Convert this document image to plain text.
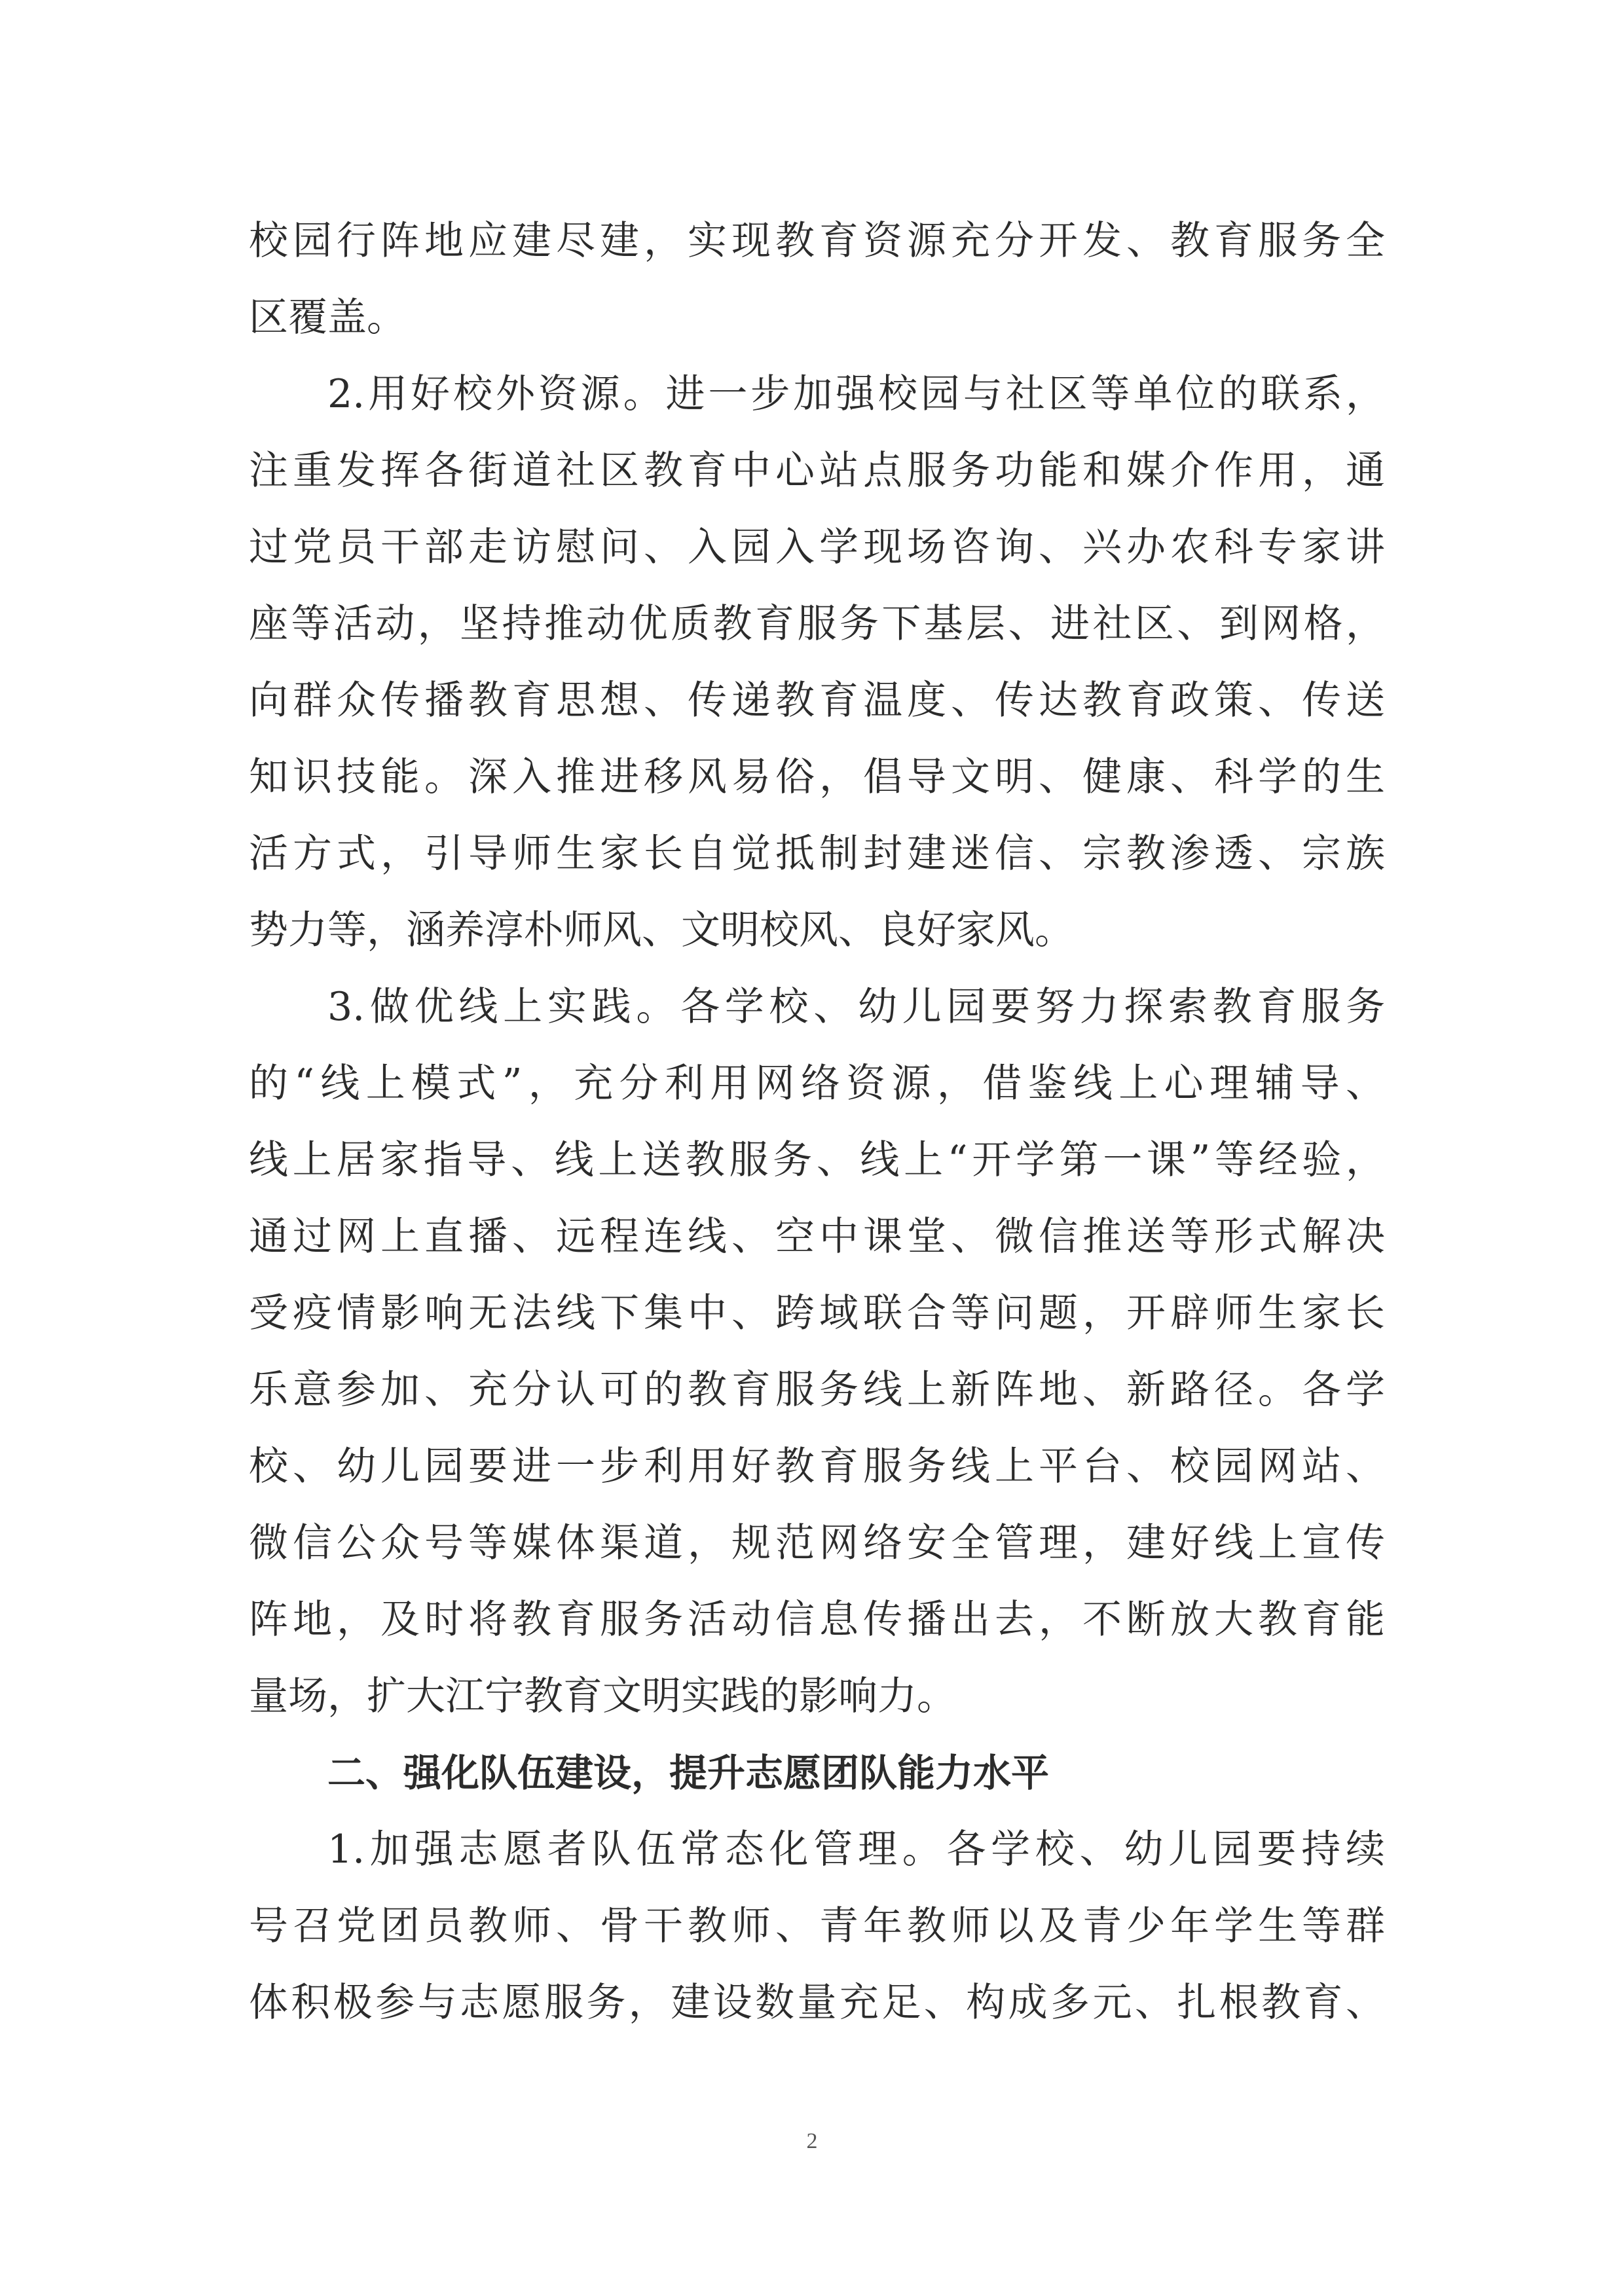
校园行阵地应建尽建，实现教育资源充分开发、教育服务全
区覆盖。
2.用好校外资源。进一步加强校园与社区等单位的联系，
注重发挥各街道社区教育中心站点服务功能和媒介作用，通
过党员干部走访慰问、入园入学现场咨询、兴办农科专家讲
座等活动，坚持推动优质教育服务下基层、进社区、到网格，
向群众传播教育思想、传递教育温度、传达教育政策、传送
知识技能。深入推进移风易俗，倡导文明、健康、科学的生
活方式，引导师生家长自觉抵制封建迷信、宗教渗透、宗族
势力等，涵养淳朴师风、文明校风、良好家风。
3.做优线上实践。各学校、幼儿园要努力探索教育服务
的“线上模式”，充分利用网络资源，借鉴线上心理辅导、
线上居家指导、线上送教服务、线上“开学第一课”等经验，
通过网上直播、远程连线、空中课堂、微信推送等形式解决
受疫情影响无法线下集中、跨域联合等问题，开辟师生家长
乐意参加、充分认可的教育服务线上新阵地、新路径。各学
校、幼儿园要进一步利用好教育服务线上平台、校园网站、
微信公众号等媒体渠道，规范网络安全管理，建好线上宣传
阵地，及时将教育服务活动信息传播出去，不断放大教育能
量场，扩大江宁教育文明实践的影响力。
二、强化队伍建设，提升志愿团队能力水平
1.加强志愿者队伍常态化管理。各学校、幼儿园要持续
号召党团员教师、骨干教师、青年教师以及青少年学生等群
体积极参与志愿服务，建设数量充足、构成多元、扎根教育、
2
